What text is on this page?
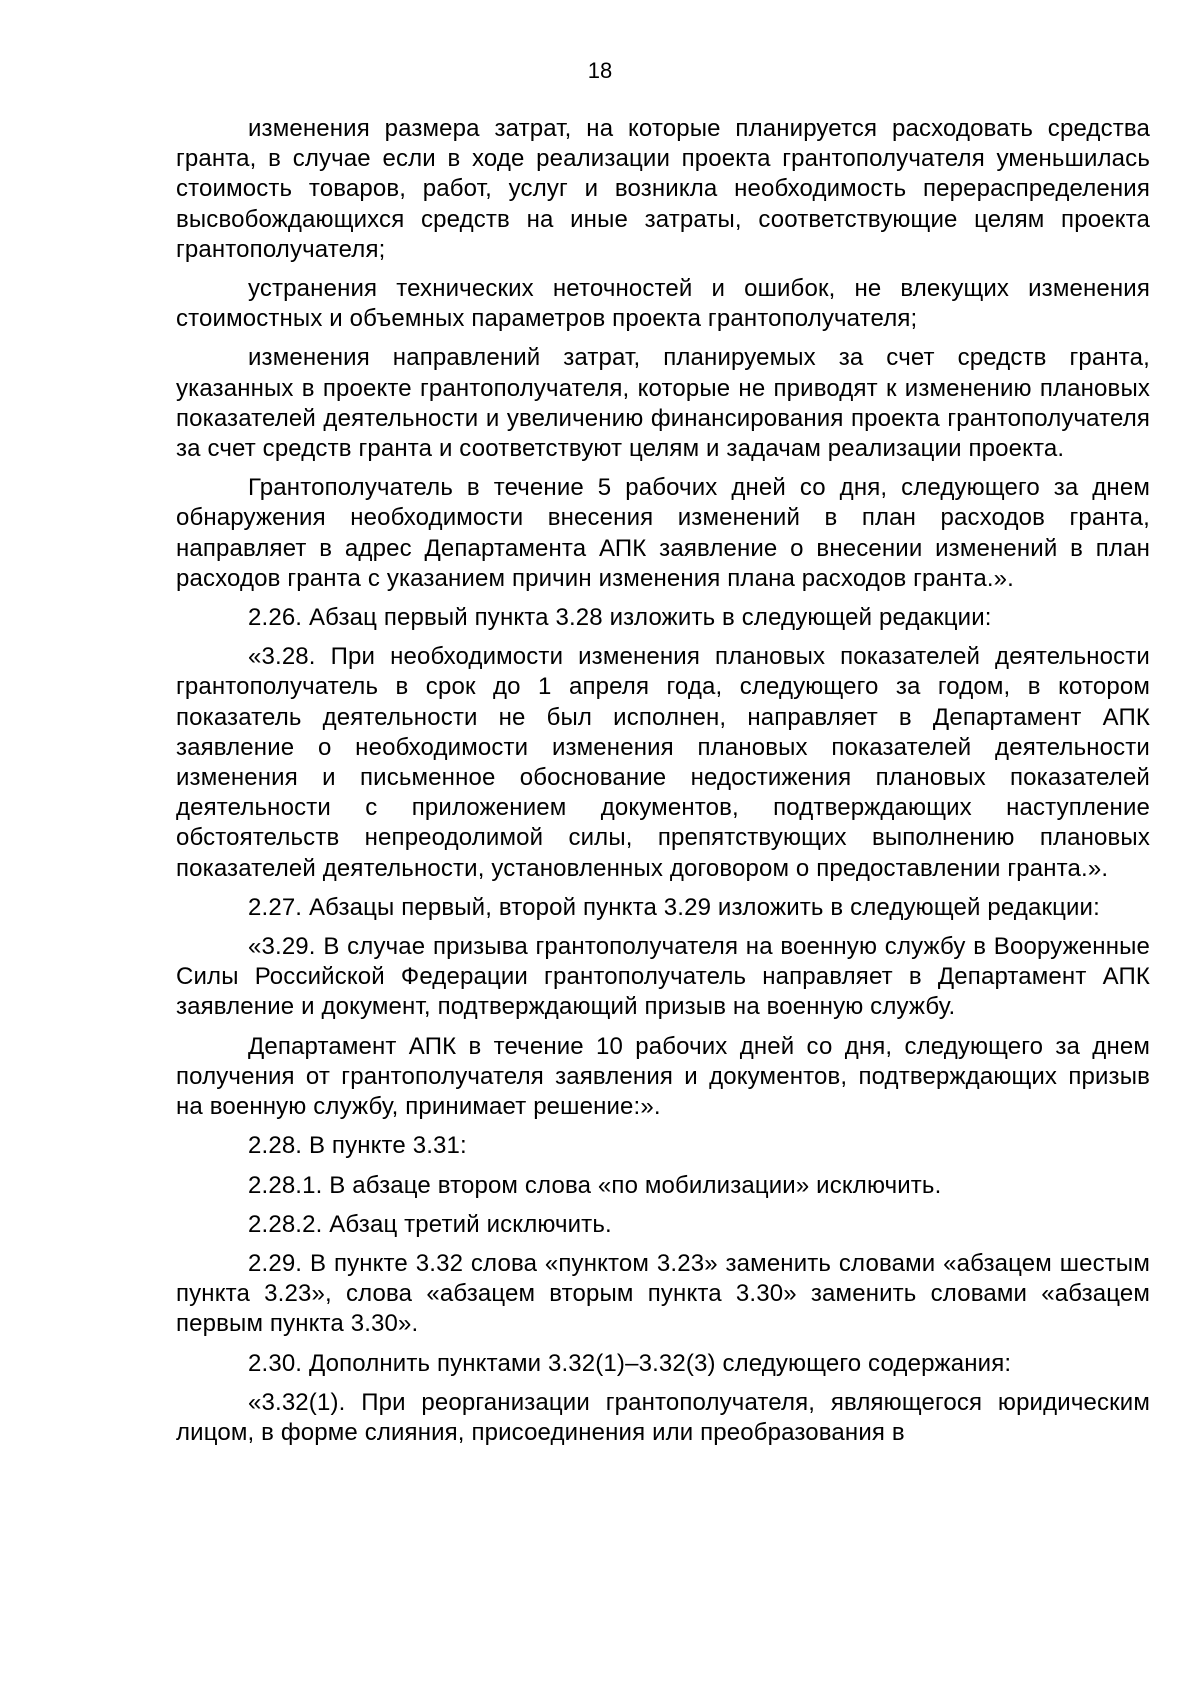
18

изменения размера затрат, на которые планируется расходовать средства гранта, в случае если в ходе реализации проекта грантополучателя уменьшилась стоимость товаров, работ, услуг и возникла необходимость перераспределения высвобождающихся средств на иные затраты, соответствующие целям проекта грантополучателя;

устранения технических неточностей и ошибок, не влекущих изменения стоимостных и объемных параметров проекта грантополучателя;

изменения направлений затрат, планируемых за счет средств гранта, указанных в проекте грантополучателя, которые не приводят к изменению плановых показателей деятельности и увеличению финансирования проекта грантополучателя за счет средств гранта и соответствуют целям и задачам реализации проекта.

Грантополучатель в течение 5 рабочих дней со дня, следующего за днем обнаружения необходимости внесения изменений в план расходов гранта, направляет в адрес Департамента АПК заявление о внесении изменений в план расходов гранта с указанием причин изменения плана расходов гранта.».

2.26. Абзац первый пункта 3.28 изложить в следующей редакции:

«3.28. При необходимости изменения плановых показателей деятельности грантополучатель в срок до 1 апреля года, следующего за годом, в котором показатель деятельности не был исполнен, направляет в Департамент АПК заявление о необходимости изменения плановых показателей деятельности изменения и письменное обоснование недостижения плановых показателей деятельности с приложением документов, подтверждающих наступление обстоятельств непреодолимой силы, препятствующих выполнению плановых показателей деятельности, установленных договором о предоставлении гранта.».

2.27. Абзацы первый, второй пункта 3.29 изложить в следующей редакции:

«3.29. В случае призыва грантополучателя на военную службу в Вооруженные Силы Российской Федерации грантополучатель направляет в Департамент АПК заявление и документ, подтверждающий призыв на военную службу.

Департамент АПК в течение 10 рабочих дней со дня, следующего за днем получения от грантополучателя заявления и документов, подтверждающих призыв на военную службу, принимает решение:».

2.28. В пункте 3.31:

2.28.1. В абзаце втором слова «по мобилизации» исключить.

2.28.2. Абзац третий исключить.

2.29. В пункте 3.32 слова «пунктом 3.23» заменить словами «абзацем шестым пункта 3.23», слова «абзацем вторым пункта 3.30» заменить словами «абзацем первым пункта 3.30».

2.30. Дополнить пунктами 3.32(1)–3.32(3) следующего содержания:

«3.32(1). При реорганизации грантополучателя, являющегося юридическим лицом, в форме слияния, присоединения или преобразования в
